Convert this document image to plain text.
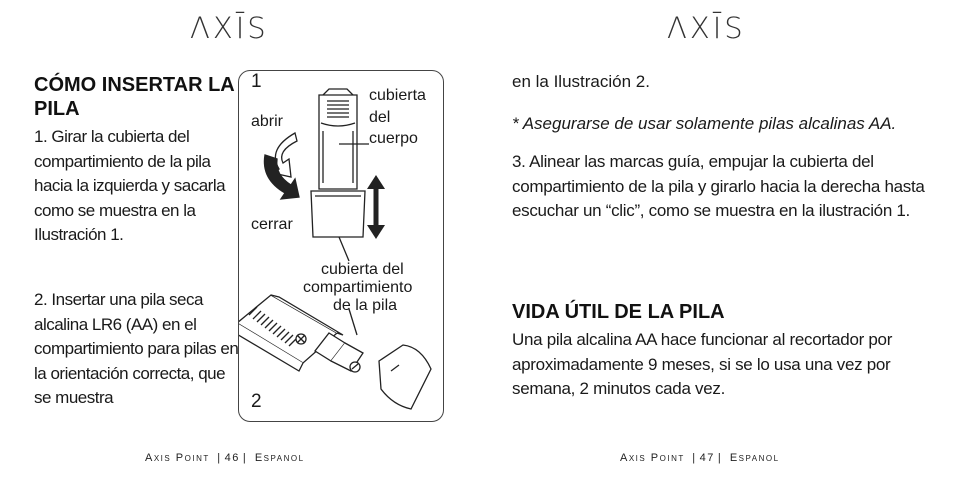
ΛXĪS
CÓMO INSERTAR LA PILA

1. Girar la cubierta del compartimiento de la pila hacia la izquierda y sacarla como se muestra en la Ilustración 1.

2. Insertar una pila seca alcalina LR6 (AA) en el compartimiento para pilas en la orientación correcta, que se muestra

1
abrir
cubierta
del
cuerpo
cerrar
cubierta del
compartimiento
de la pila
2
Axis Point | 46 | Espanol
ΛXĪS

en la Ilustración 2.

* Asegurarse de usar solamente pilas alcalinas AA.

3. Alinear las marcas guía, empujar la cubierta del compartimiento de la pila y girarlo hacia la derecha hasta escuchar un “clic”, como se muestra en la ilustración 1.

VIDA ÚTIL DE LA PILA

Una pila alcalina AA hace funcionar al recortador por aproximadamente 9 meses, si se lo usa una vez por semana, 2 minutos cada vez.

Axis Point | 47 | Espanol
